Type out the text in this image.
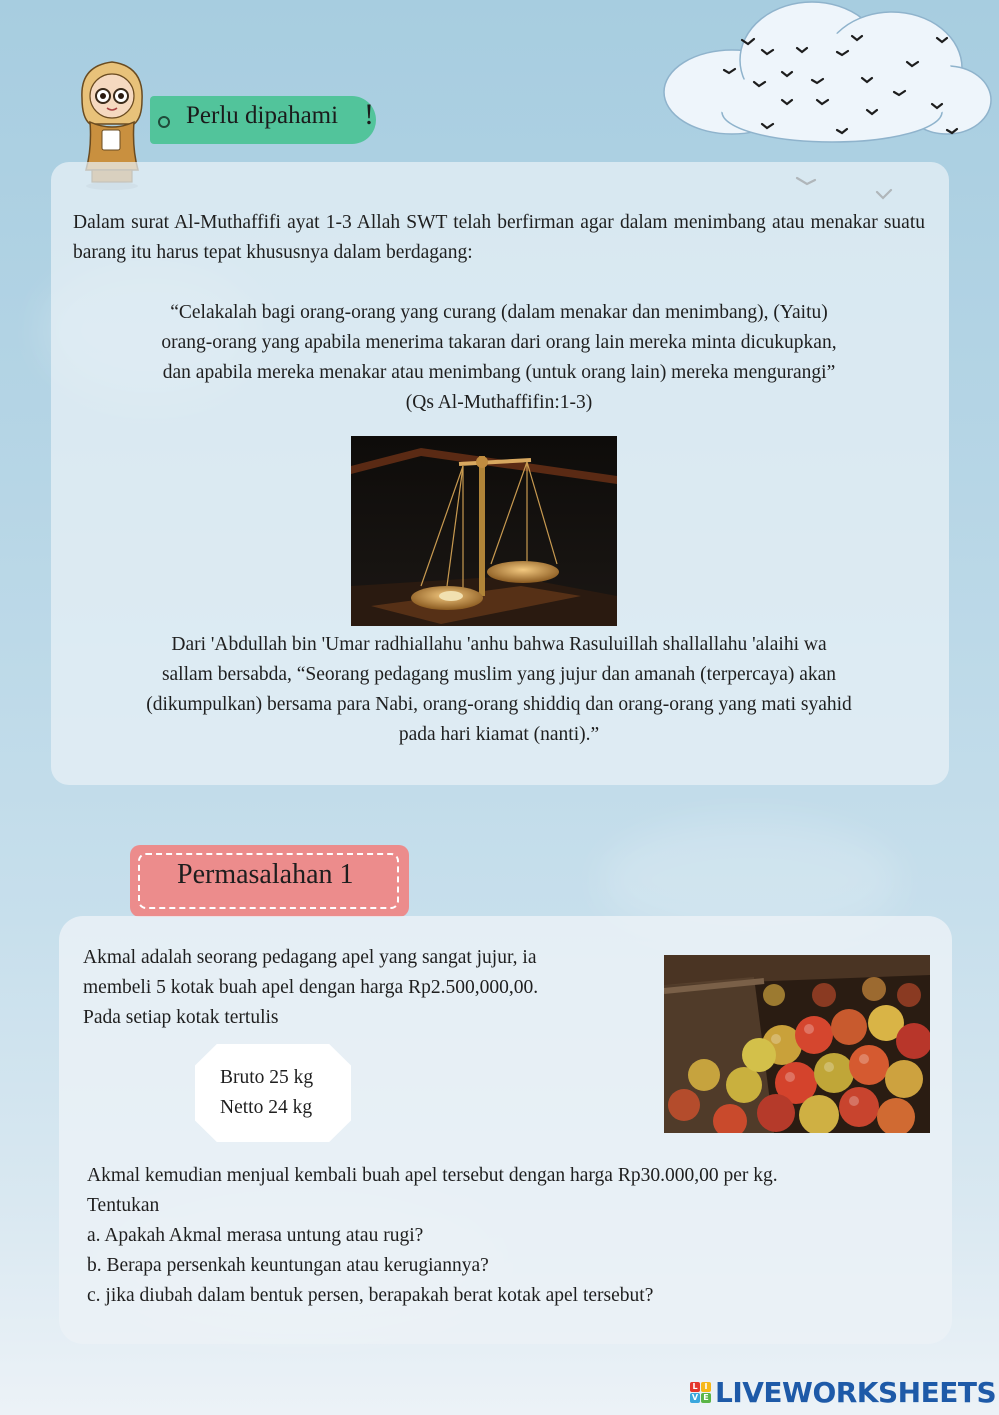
Perlu dipahami !
Dalam surat Al-Muthaffifi ayat 1-3 Allah SWT telah berfirman agar dalam menimbang atau menakar suatu barang itu harus tepat khususnya dalam berdagang:
“Celakalah bagi orang-orang yang curang (dalam menakar dan menimbang), (Yaitu)
orang-orang yang apabila menerima takaran dari orang lain mereka minta dicukupkan,
dan apabila mereka menakar atau menimbang (untuk orang lain) mereka mengurangi”
(Qs Al-Muthaffifin:1-3)
Dari 'Abdullah bin 'Umar radhiallahu 'anhu bahwa Rasuluillah shallallahu 'alaihi wa
sallam bersabda, “Seorang pedagang muslim yang jujur dan amanah (terpercaya) akan
(dikumpulkan) bersama para Nabi, orang-orang shiddiq dan orang-orang yang mati syahid
pada hari kiamat (nanti).”
Permasalahan 1
Akmal adalah seorang pedagang apel yang sangat jujur, ia
membeli 5 kotak buah apel dengan harga Rp2.500,000,00.
Pada setiap kotak tertulis
Bruto 25 kg
Netto 24 kg
Akmal kemudian menjual kembali buah apel tersebut dengan harga Rp30.000,00 per kg.
Tentukan
a. Apakah Akmal merasa untung atau rugi?
b. Berapa persenkah keuntungan atau kerugiannya?
c. jika diubah dalam bentuk persen, berapakah berat kotak apel tersebut?
L I
V E LIVEWORKSHEETS
